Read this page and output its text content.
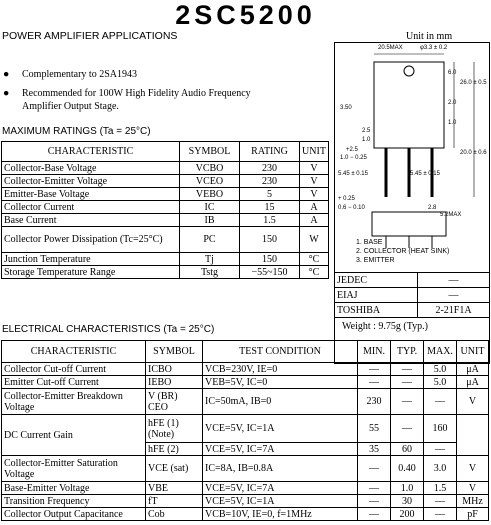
2SC5200
POWER AMPLIFIER APPLICATIONS	Unit in mm
● Complementary to 2SA1943
● Recommended for 100W High Fidelity Audio Frequency
Amplifier Output Stage.
MAXIMUM RATINGS (Ta = 25°C)
CHARACTERISTIC	SYMBOL	RATING	UNIT
Collector-Base Voltage	VCBO	230	V
Collector-Emitter Voltage	VCEO	230	V
Emitter-Base Voltage	VEBO	5	V
Collector Current	IC	15	A
Base Current	IB	1.5	A
Collector Power Dissipation (Tc=25°C)	PC	150	W
Junction Temperature	Tj	150	°C
Storage Temperature Range	Tstg	−55~150	°C
20.5MAX	φ3.3 ± 0.2
6.0
2.0
1.0
26.0 ± 0.5
3.50
2.5
1.0
+2.5
1.0 − 0.25
20.0 ± 0.6
5.45 ± 0.15	5.45 ± 0.15
+ 0.25
0.6 − 0.10	2.8
5.2MAX
1. BASE
2. COLLECTOR (HEAT SINK)
3. EMITTER
JEDEC	—
EIAJ	—
TOSHIBA	2-21F1A
Weight : 9.75g (Typ.)
ELECTRICAL CHARACTERISTICS (Ta = 25°C)
CHARACTERISTIC	SYMBOL	TEST CONDITION	MIN.	TYP.	MAX.	UNIT
Collector Cut-off Current	ICBO	VCB=230V, IE=0	—	—	5.0	μA
Emitter Cut-off Current	IEBO	VEB=5V, IC=0	—	—	5.0	μA
Collector-Emitter Breakdown Voltage	V (BR) CEO	IC=50mA, IB=0	230	—	—	V
DC Current Gain	hFE (1) (Note)	VCE=5V, IC=1A	55	—	160	
	hFE (2)	VCE=5V, IC=7A	35	60	—	
Collector-Emitter Saturation Voltage	VCE (sat)	IC=8A, IB=0.8A	—	0.40	3.0	V
Base-Emitter Voltage	VBE	VCE=5V, IC=7A	—	1.0	1.5	V
Transition Frequency	fT	VCE=5V, IC=1A	—	30	—	MHz
Collector Output Capacitance	Cob	VCB=10V, IE=0, f=1MHz	—	200	—	pF
